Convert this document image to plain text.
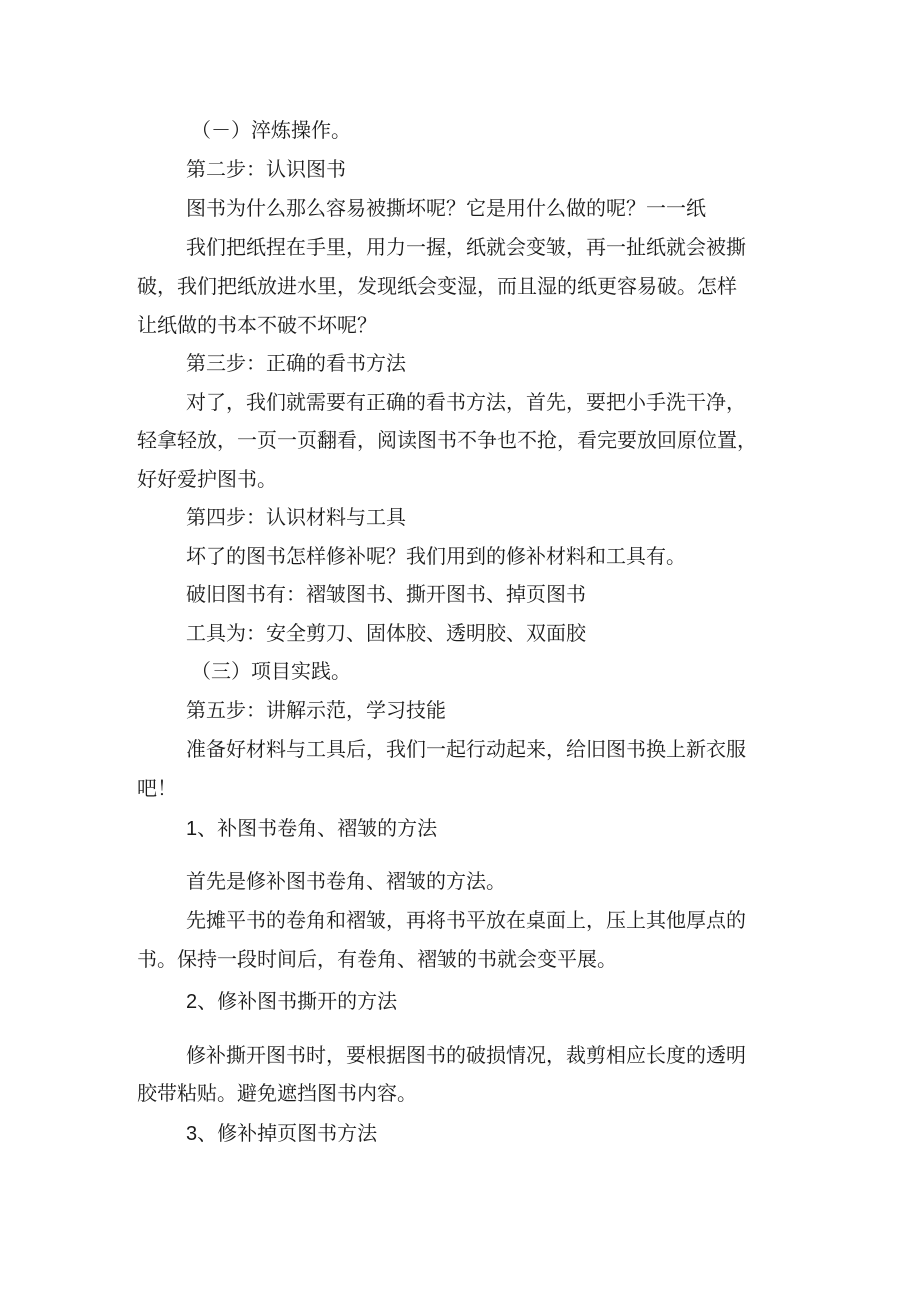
（－）淬炼操作。
第二步：认识图书
图书为什么那么容易被撕坏呢？它是用什么做的呢？一一纸
我们把纸捏在手里，用力一握，纸就会变皱，再一扯纸就会被撕
破，我们把纸放进水里，发现纸会变湿，而且湿的纸更容易破。怎样
让纸做的书本不破不坏呢？
第三步：正确的看书方法
对了，我们就需要有正确的看书方法，首先，要把小手洗干净，
轻拿轻放，一页一页翻看，阅读图书不争也不抢，看完要放回原位置，
好好爱护图书。
第四步：认识材料与工具
坏了的图书怎样修补呢？我们用到的修补材料和工具有。
破旧图书有：褶皱图书、撕开图书、掉页图书
工具为：安全剪刀、固体胶、透明胶、双面胶
（三）项目实践。
第五步：讲解示范，学习技能
准备好材料与工具后，我们一起行动起来，给旧图书换上新衣服
吧！
1、补图书卷角、褶皱的方法
首先是修补图书卷角、褶皱的方法。
先摊平书的卷角和褶皱，再将书平放在桌面上，压上其他厚点的
书。保持一段时间后，有卷角、褶皱的书就会变平展。
2、修补图书撕开的方法
修补撕开图书时，要根据图书的破损情况，裁剪相应长度的透明
胶带粘贴。避免遮挡图书内容。
3、修补掉页图书方法
